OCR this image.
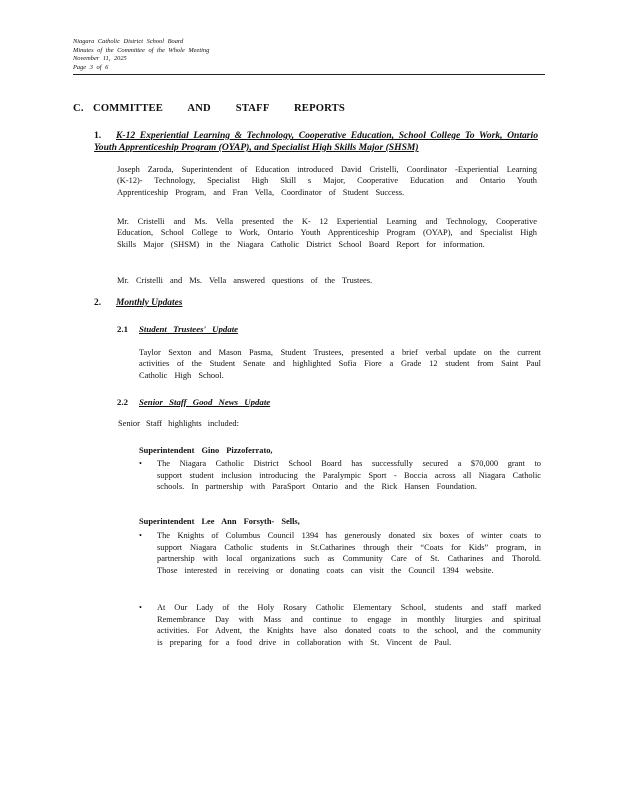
Niagara Catholic District School Board
Minutes of the Committee of the Whole Meeting
November 11, 2025
Page 3 of 6
C. COMMITTEE AND STAFF REPORTS
1. K-12 Experiential Learning & Technology, Cooperative Education, School College To Work, Ontario Youth Apprenticeship Program (OYAP), and Specialist High Skills Major (SHSM)
Joseph Zaroda, Superintendent of Education introduced David Cristelli, Coordinator -Experiential Learning (K-12)- Technology, Specialist High Skill s Major, Cooperative Education and Ontario Youth Apprenticeship Program, and Fran Vella, Coordinator of Student Success.
Mr. Cristelli and Ms. Vella presented the K- 12 Experiential Learning and Technology, Cooperative Education, School College to Work, Ontario Youth Apprenticeship Program (OYAP), and Specialist High Skills Major (SHSM) in the Niagara Catholic District School Board Report for information.
Mr. Cristelli and Ms. Vella answered questions of the Trustees.
2. Monthly Updates
2.1 Student Trustees' Update
Taylor Sexton and Mason Pasma, Student Trustees, presented a brief verbal update on the current activities of the Student Senate and highlighted Sofia Fiore a Grade 12 student from Saint Paul Catholic High School.
2.2 Senior Staff Good News Update
Senior Staff highlights included:
Superintendent Gino Pizzoferrato,
• The Niagara Catholic District School Board has successfully secured a $70,000 grant to support student inclusion introducing the Paralympic Sport - Boccia across all Niagara Catholic schools. In partnership with ParaSport Ontario and the Rick Hansen Foundation.
Superintendent Lee Ann Forsyth- Sells,
• The Knights of Columbus Council 1394 has generously donated six boxes of winter coats to support Niagara Catholic students in St.Catharines through their “Coats for Kids” program, in partnership with local organizations such as Community Care of St. Catharines and Thorold. Those interested in receiving or donating coats can visit the Council 1394 website.
• At Our Lady of the Holy Rosary Catholic Elementary School, students and staff marked Remembrance Day with Mass and continue to engage in monthly liturgies and spiritual activities. For Advent, the Knights have also donated coats to the school, and the community is preparing for a food drive in collaboration with St. Vincent de Paul.
